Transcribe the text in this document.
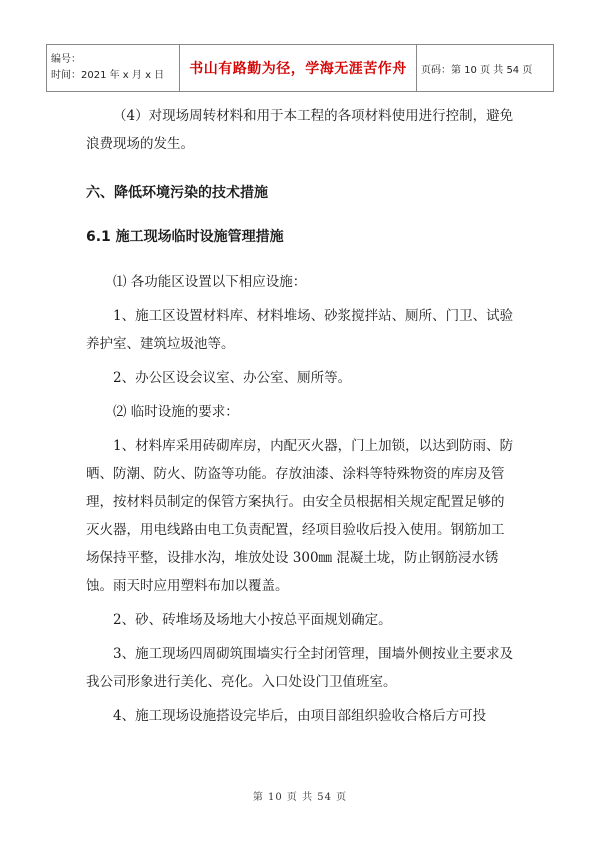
编号：
时间：2021 年 x 月 x 日	书山有路勤为径，学海无涯苦作舟	页码：第 10 页 共 54 页

（4）对现场周转材料和用于本工程的各项材料使用进行控制，避免浪费现场的发生。

六、降低环境污染的技术措施

6.1 施工现场临时设施管理措施

⑴ 各功能区设置以下相应设施：

1、施工区设置材料库、材料堆场、砂浆搅拌站、厕所、门卫、试验养护室、建筑垃圾池等。

2、办公区设会议室、办公室、厕所等。

⑵ 临时设施的要求：

1、材料库采用砖砌库房，内配灭火器，门上加锁，以达到防雨、防晒、防潮、防火、防盗等功能。存放油漆、涂料等特殊物资的库房及管理，按材料员制定的保管方案执行。由安全员根据相关规定配置足够的灭火器，用电线路由电工负责配置，经项目验收后投入使用。钢筋加工场保持平整，设排水沟，堆放处设 300㎜ 混凝土垅，防止钢筋浸水锈蚀。雨天时应用塑料布加以覆盖。

2、砂、砖堆场及场地大小按总平面规划确定。

3、施工现场四周砌筑围墙实行全封闭管理，围墙外侧按业主要求及我公司形象进行美化、亮化。入口处设门卫值班室。

4、施工现场设施搭设完毕后，由项目部组织验收合格后方可投

第 10 页 共 54 页
